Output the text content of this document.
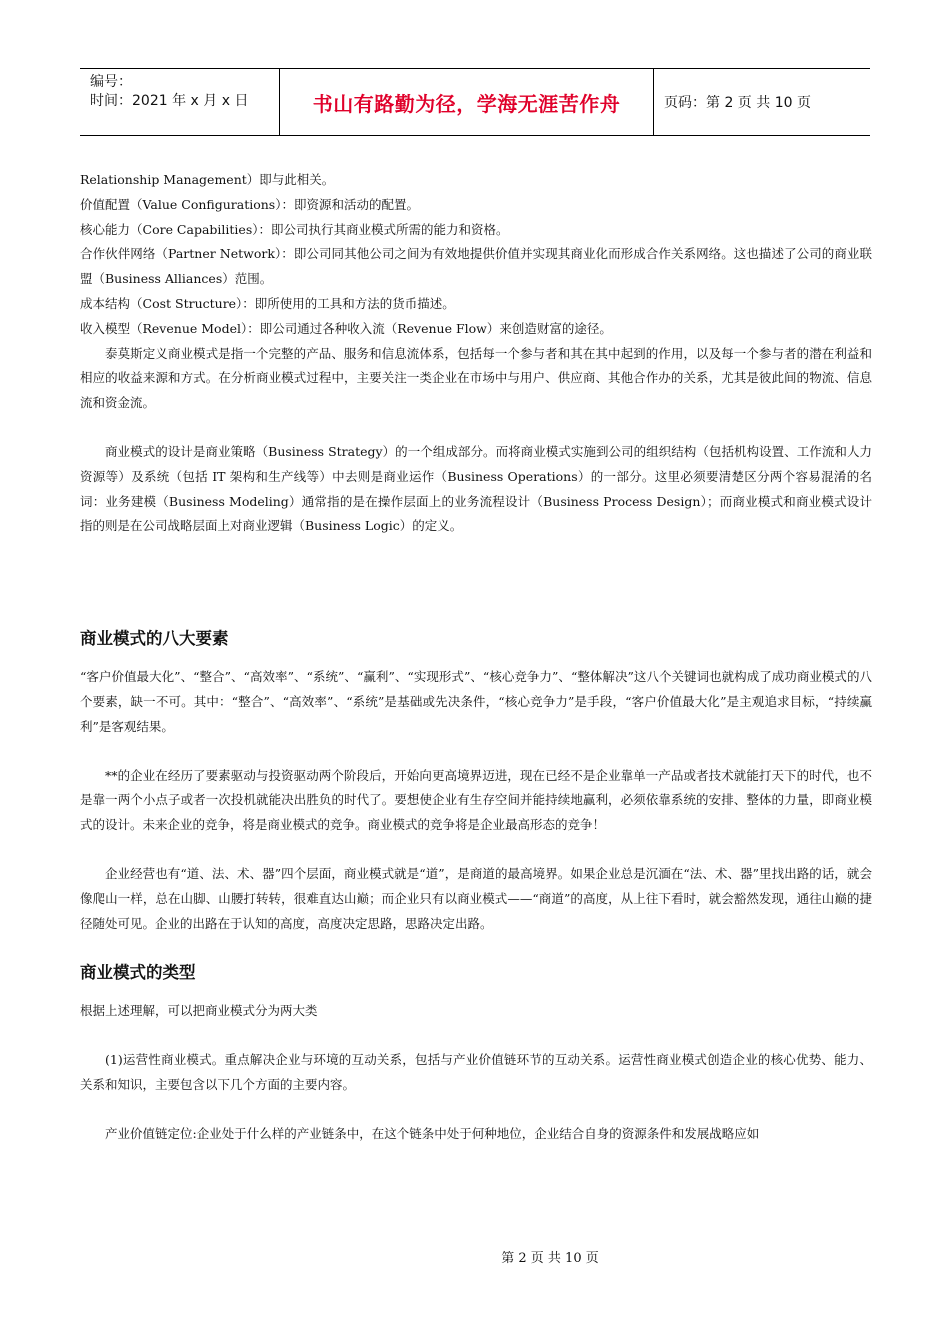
编号：
时间：2021 年 x 月 x 日	书山有路勤为径，学海无涯苦作舟	页码：第 2 页 共 10 页

Relationship Management）即与此相关。

价值配置（Value Configurations）：即资源和活动的配置。

核心能力（Core Capabilities）：即公司执行其商业模式所需的能力和资格。

合作伙伴网络（Partner Network）：即公司同其他公司之间为有效地提供价值并实现其商业化而形成合作关系网络。这也描述了公司的商业联盟（Business Alliances）范围。

成本结构（Cost Structure）：即所使用的工具和方法的货币描述。

收入模型（Revenue Model）：即公司通过各种收入流（Revenue Flow）来创造财富的途径。

泰莫斯定义商业模式是指一个完整的产品、服务和信息流体系，包括每一个参与者和其在其中起到的作用，以及每一个参与者的潜在利益和相应的收益来源和方式。在分析商业模式过程中，主要关注一类企业在市场中与用户、供应商、其他合作办的关系，尤其是彼此间的物流、信息流和资金流。

商业模式的设计是商业策略（Business Strategy）的一个组成部分。而将商业模式实施到公司的组织结构（包括机构设置、工作流和人力资源等）及系统（包括 IT 架构和生产线等）中去则是商业运作（Business Operations）的一部分。这里必须要清楚区分两个容易混淆的名词：业务建模（Business Modeling）通常指的是在操作层面上的业务流程设计（Business Process Design）；而商业模式和商业模式设计指的则是在公司战略层面上对商业逻辑（Business Logic）的定义。

商业模式的八大要素

“客户价值最大化”、“整合”、“高效率”、“系统”、“赢利”、“实现形式”、“核心竞争力”、“整体解决”这八个关键词也就构成了成功商业模式的八个要素，缺一不可。其中：“整合”、“高效率”、“系统”是基础或先决条件，“核心竞争力”是手段，“客户价值最大化”是主观追求目标，“持续赢利”是客观结果。

**的企业在经历了要素驱动与投资驱动两个阶段后，开始向更高境界迈进，现在已经不是企业靠单一产品或者技术就能打天下的时代，也不是靠一两个小点子或者一次投机就能决出胜负的时代了。要想使企业有生存空间并能持续地赢利，必须依靠系统的安排、整体的力量，即商业模式的设计。未来企业的竞争，将是商业模式的竞争。商业模式的竞争将是企业最高形态的竞争！

企业经营也有“道、法、术、器”四个层面，商业模式就是“道”，是商道的最高境界。如果企业总是沉湎在“法、术、器”里找出路的话，就会像爬山一样，总在山脚、山腰打转转，很难直达山巅；而企业只有以商业模式——“商道”的高度，从上往下看时，就会豁然发现，通往山巅的捷径随处可见。企业的出路在于认知的高度，高度决定思路，思路决定出路。

商业模式的类型

根据上述理解，可以把商业模式分为两大类

(1)运营性商业模式。重点解决企业与环境的互动关系，包括与产业价值链环节的互动关系。运营性商业模式创造企业的核心优势、能力、关系和知识，主要包含以下几个方面的主要内容。

产业价值链定位:企业处于什么样的产业链条中，在这个链条中处于何种地位，企业结合自身的资源条件和发展战略应如

第 2 页 共 10 页
